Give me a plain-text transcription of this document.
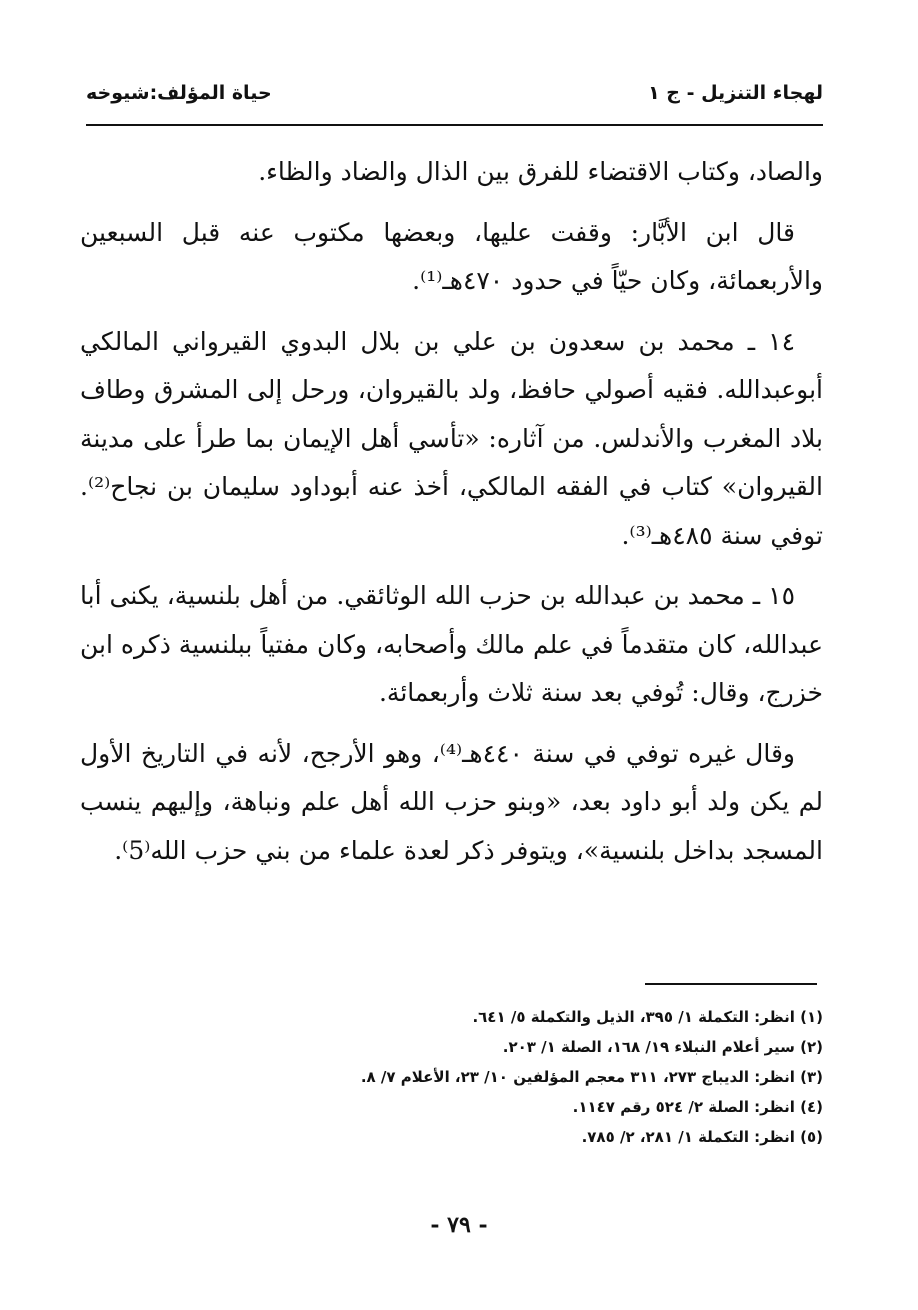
لهجاء التنزيل - ج ١
حياة المؤلف:شيوخه

والصاد، وكتاب الاقتضاء للفرق بين الذال والضاد والظاء.

قال ابن الأبَّار: وقفت عليها، وبعضها مكتوب عنه قبل السبعين والأربعمائة، وكان حيّاً في حدود ٤٧٠هـ⁽¹⁾.

١٤ ـ محمد بن سعدون بن علي بن بلال البدوي القيرواني المالكي أبوعبدالله. فقيه أصولي حافظ، ولد بالقيروان، ورحل إلى المشرق وطاف بلاد المغرب والأندلس. من آثاره: «تأسي أهل الإيمان بما طرأ على مدينة القيروان» كتاب في الفقه المالكي، أخذ عنه أبوداود سليمان بن نجاح⁽²⁾. توفي سنة ٤٨٥هـ⁽³⁾.

١٥ ـ محمد بن عبدالله بن حزب الله الوثائقي. من أهل بلنسية، يكنى أبا عبدالله، كان متقدماً في علم مالك وأصحابه، وكان مفتياً ببلنسية ذكره ابن خزرج، وقال: تُوفي بعد سنة ثلاث وأربعمائة.

وقال غيره توفي في سنة ٤٤٠هـ⁽⁴⁾، وهو الأرجح، لأنه في التاريخ الأول لم يكن ولد أبو داود بعد، «وبنو حزب الله أهل علم ونباهة، وإليهم ينسب المسجد بداخل بلنسية»، ويتوفر ذكر لعدة علماء من بني حزب الله⁽5⁾.

(١) انظر: التكملة ١/ ٣٩٥، الذيل والتكملة ٥/ ٦٤١.
(٢) سير أعلام النبلاء ١٩/ ١٦٨، الصلة ١/ ٢٠٣.
(٣) انظر: الديباج ٢٧٣، ٣١١ معجم المؤلفين ١٠/ ٢٣، الأعلام ٧/ ٨.
(٤) انظر: الصلة ٢/ ٥٢٤ رقم ١١٤٧.
(٥) انظر: التكملة ١/ ٢٨١، ٢/ ٧٨٥.
- ٧٩ -
